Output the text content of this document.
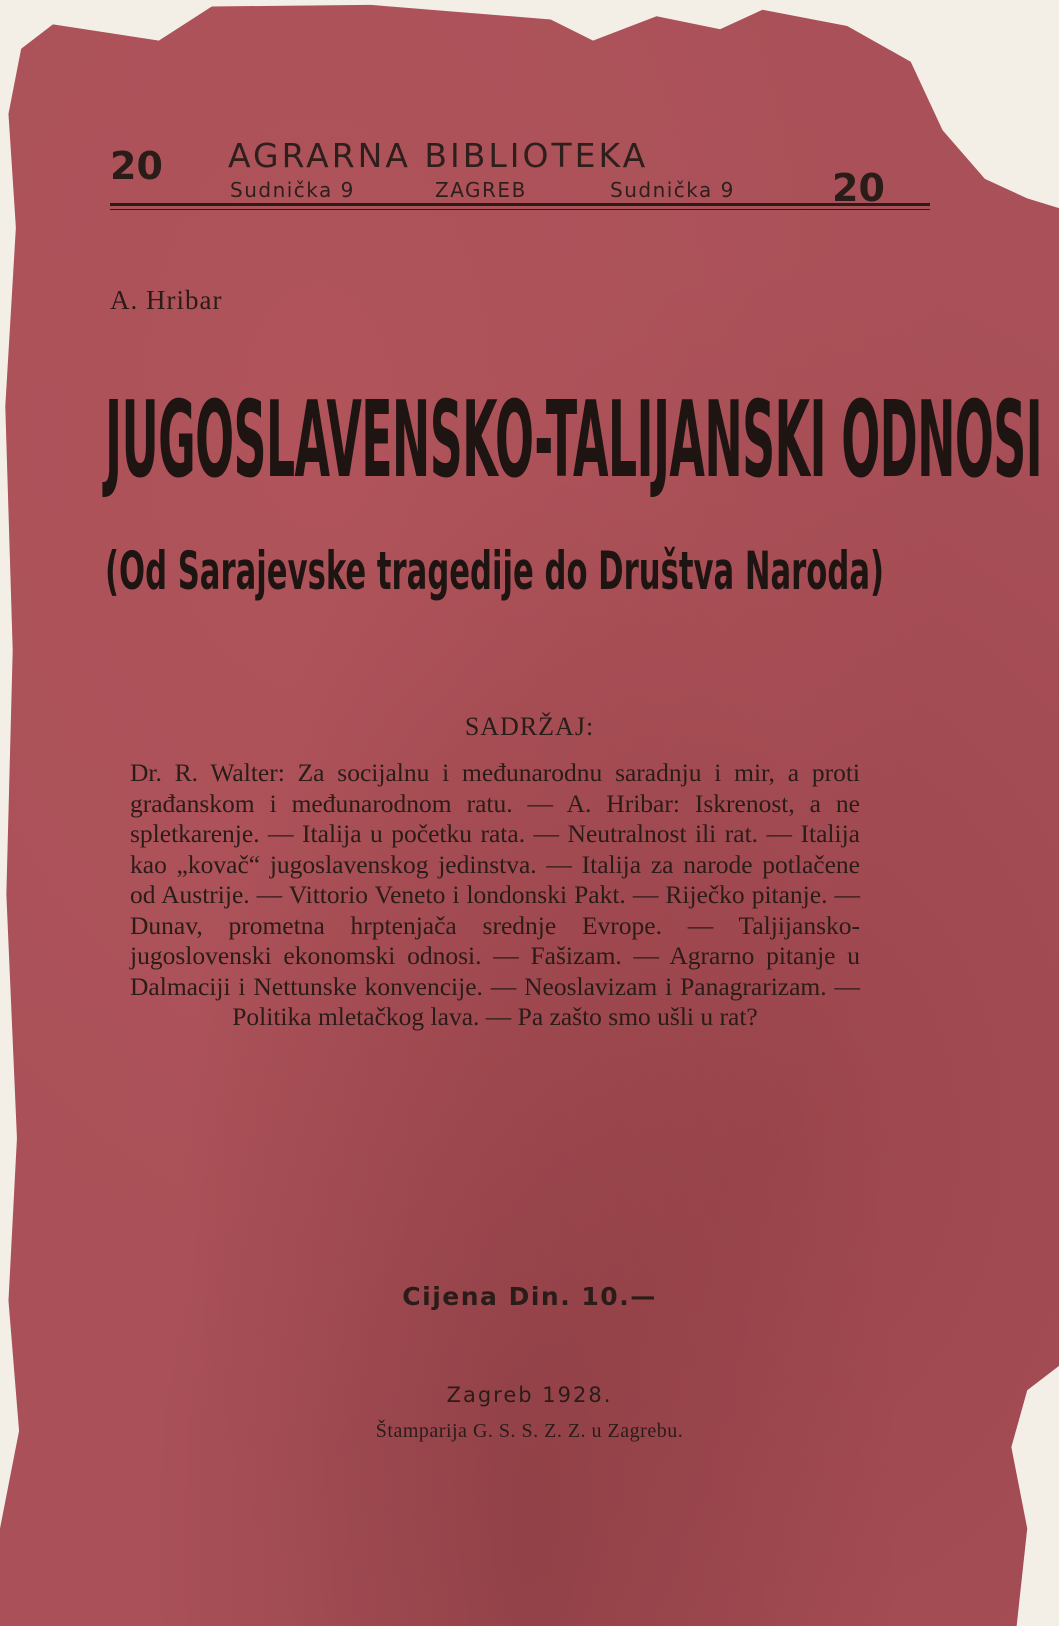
20 AGRARNA BIBLIOTEKA
Sudnička 9	ZAGREB	Sudnička 9	20
A. Hribar
JUGOSLAVENSKO-TALIJANSKI ODNOSI
(Od Sarajevske tragedije do Društva Naroda)
SADRŽAJ:
Dr. R. Walter: Za socijalnu i međunarodnu saradnju i mir, a proti građanskom i međunarodnom ratu. — A. Hribar: Iskrenost, a ne spletkarenje. — Italija u početku rata. — Neutralnost ili rat. — Italija kao „kovač“ jugoslavenskog jedinstva. — Italija za narode potlačene od Austrije. — Vittorio Veneto i londonski Pakt. — Riječko pitanje. — Dunav, prometna hrptenjača srednje Evrope. — Taljijansko-jugoslovenski ekonomski odnosi. — Fašizam. — Agrarno pitanje u Dalmaciji i Nettunske konvencije. — Neoslavizam i Panagrarizam. — Politika mletačkog lava. — Pa zašto smo ušli u rat?
Cijena Din. 10.—
Zagreb 1928.
Štamparija G. S. S. Z. Z. u Zagrebu.
